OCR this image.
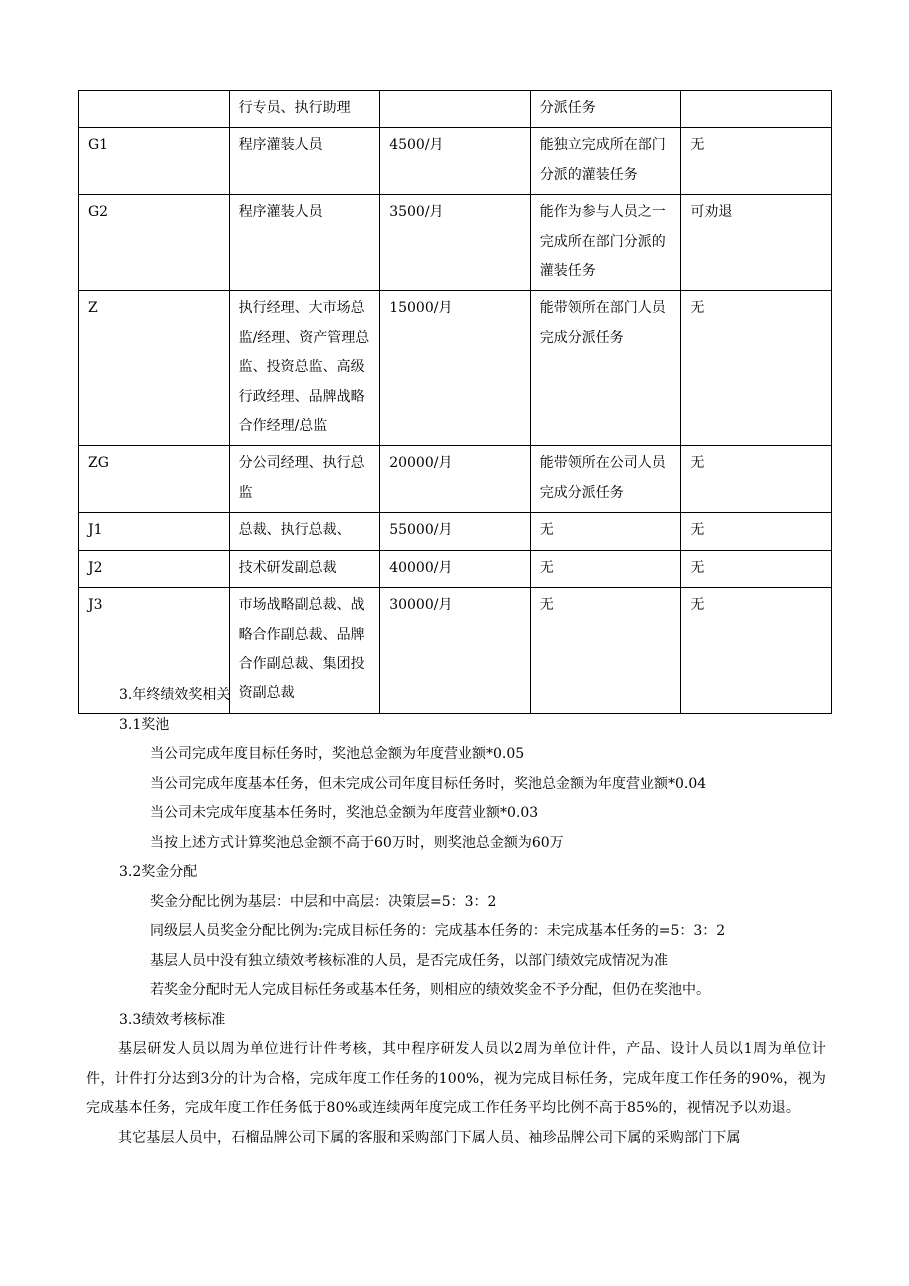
	行专员、执行助理		分派任务	
G1	程序灌装人员	4500/月	能独立完成所在部门分派的灌装任务	无
G2	程序灌装人员	3500/月	能作为参与人员之一完成所在部门分派的灌装任务	可劝退
Z	执行经理、大市场总监/经理、资产管理总监、投资总监、高级行政经理、品牌战略合作经理/总监	15000/月	能带领所在部门人员完成分派任务	无
ZG	分公司经理、执行总监	20000/月	能带领所在公司人员完成分派任务	无
J1	总裁、执行总裁、	55000/月	无	无
J2	技术研发副总裁	40000/月	无	无
J3	市场战略副总裁、战略合作副总裁、品牌合作副总裁、集团投资副总裁	30000/月	无	无

3.年终绩效奖相关

3.1奖池

当公司完成年度目标任务时，奖池总金额为年度营业额*0.05

当公司完成年度基本任务，但未完成公司年度目标任务时，奖池总金额为年度营业额*0.04

当公司未完成年度基本任务时，奖池总金额为年度营业额*0.03

当按上述方式计算奖池总金额不高于60万时，则奖池总金额为60万

3.2奖金分配

奖金分配比例为基层：中层和中高层：决策层=5：3：2

同级层人员奖金分配比例为:完成目标任务的：完成基本任务的：未完成基本任务的=5：3：2

基层人员中没有独立绩效考核标准的人员，是否完成任务，以部门绩效完成情况为准

若奖金分配时无人完成目标任务或基本任务，则相应的绩效奖金不予分配，但仍在奖池中。

3.3绩效考核标准

基层研发人员以周为单位进行计件考核，其中程序研发人员以2周为单位计件，产品、设计人员以1周为单位计件，计件打分达到3分的计为合格，完成年度工作任务的100%，视为完成目标任务，完成年度工作任务的90%，视为完成基本任务，完成年度工作任务低于80%或连续两年度完成工作任务平均比例不高于85%的，视情况予以劝退。

其它基层人员中，石榴品牌公司下属的客服和采购部门下属人员、袖珍品牌公司下属的采购部门下属
